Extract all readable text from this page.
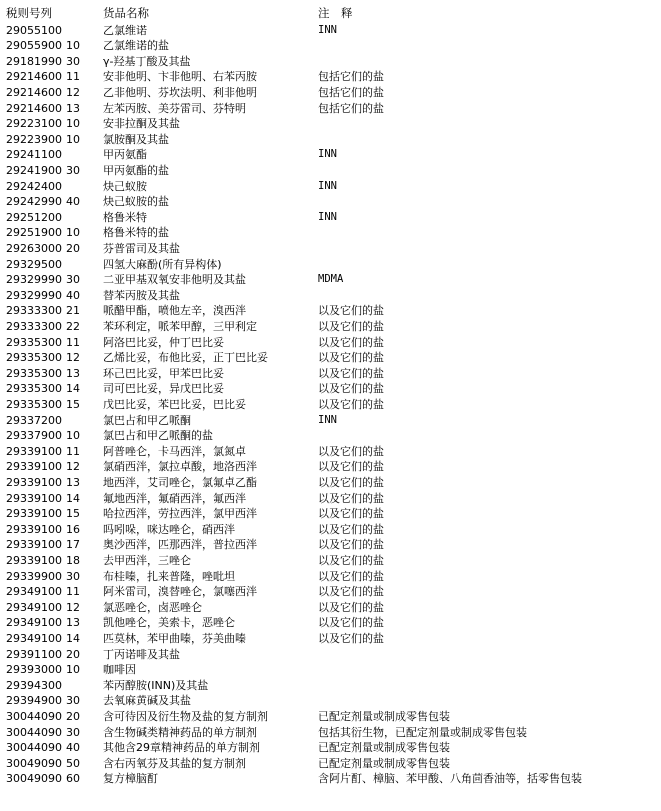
税则号列	货品名称	注　释
29055100	乙氯维诺	INN
29055900 10 乙氯维诺的盐
29181990 30 γ-羟基丁酸及其盐
29214600 11 安非他明、卞非他明、右苯丙胺	包括它们的盐
29214600 12 乙非他明、芬坎法明、利非他明	包括它们的盐
29214600 13 左苯丙胺、美芬雷司、芬特明	包括它们的盐
29223100 10 安非拉酮及其盐
29223900 10 氯胺酮及其盐
29241100	甲丙氨酯	INN
29241900 30 甲丙氨酯的盐
29242400	炔己蚁胺	INN
29242990 40 炔己蚁胺的盐
29251200	格鲁米特	INN
29251900 10 格鲁米特的盐
29263000 20 芬普雷司及其盐
29329500	四氢大麻酚(所有异构体)
29329990 30 二亚甲基双氧安非他明及其盐	MDMA
29329990 40 替苯丙胺及其盐
29333300 21 哌醋甲酯，喷他左辛，溴西泮	以及它们的盐
29333300 22 苯环利定，哌苯甲醇，三甲利定	以及它们的盐
29335300 11 阿洛巴比妥，仲丁巴比妥	以及它们的盐
29335300 12 乙烯比妥，布他比妥，正丁巴比妥	以及它们的盐
29335300 13 环己巴比妥，甲苯巴比妥	以及它们的盐
29335300 14 司可巴比妥，异戊巴比妥	以及它们的盐
29335300 15 戊巴比妥，苯巴比妥，巴比妥	以及它们的盐
29337200	氯巴占和甲乙哌酮	INN
29337900 10 氯巴占和甲乙哌酮的盐
29339100 11 阿普唑仑，卡马西泮，氯氮卓	以及它们的盐
29339100 12 氯硝西泮，氯拉卓酸，地洛西泮	以及它们的盐
29339100 13 地西泮，艾司唑仑，氯氟卓乙酯	以及它们的盐
29339100 14 氟地西泮，氟硝西泮，氟西泮	以及它们的盐
29339100 15 哈拉西泮，劳拉西泮，氯甲西泮	以及它们的盐
29339100 16 吗吲哚，咪达唑仑，硝西泮	以及它们的盐
29339100 17 奥沙西泮，匹那西泮，普拉西泮	以及它们的盐
29339100 18 去甲西泮，三唑仑	以及它们的盐
29339900 30 布桂嗪，扎来普隆，唑吡坦	以及它们的盐
29349100 11 阿米雷司，溴替唑仑，氯噻西泮	以及它们的盐
29349100 12 氯恶唑仑，卤恶唑仑	以及它们的盐
29349100 13 凯他唑仑，美索卡，恶唑仑	以及它们的盐
29349100 14 匹莫林，苯甲曲嗪，芬美曲嗪	以及它们的盐
29391100 20 丁丙诺啡及其盐
29393000 10 咖啡因
29394300	苯丙醇胺(INN)及其盐
29394900 30 去氧麻黄碱及其盐
30044090 20 含可待因及衍生物及盐的复方制剂	已配定剂量或制成零售包装
30044090 30 含生物碱类精神药品的单方制剂	包括其衍生物，已配定剂量或制成零售包装
30044090 40 其他含29章精神药品的单方制剂	已配定剂量或制成零售包装
30049090 50 含右丙氧芬及其盐的复方制剂	已配定剂量或制成零售包装
30049090 60 复方樟脑酊	含阿片酊、樟脑、苯甲酸、八角茴香油等，括零售包装
